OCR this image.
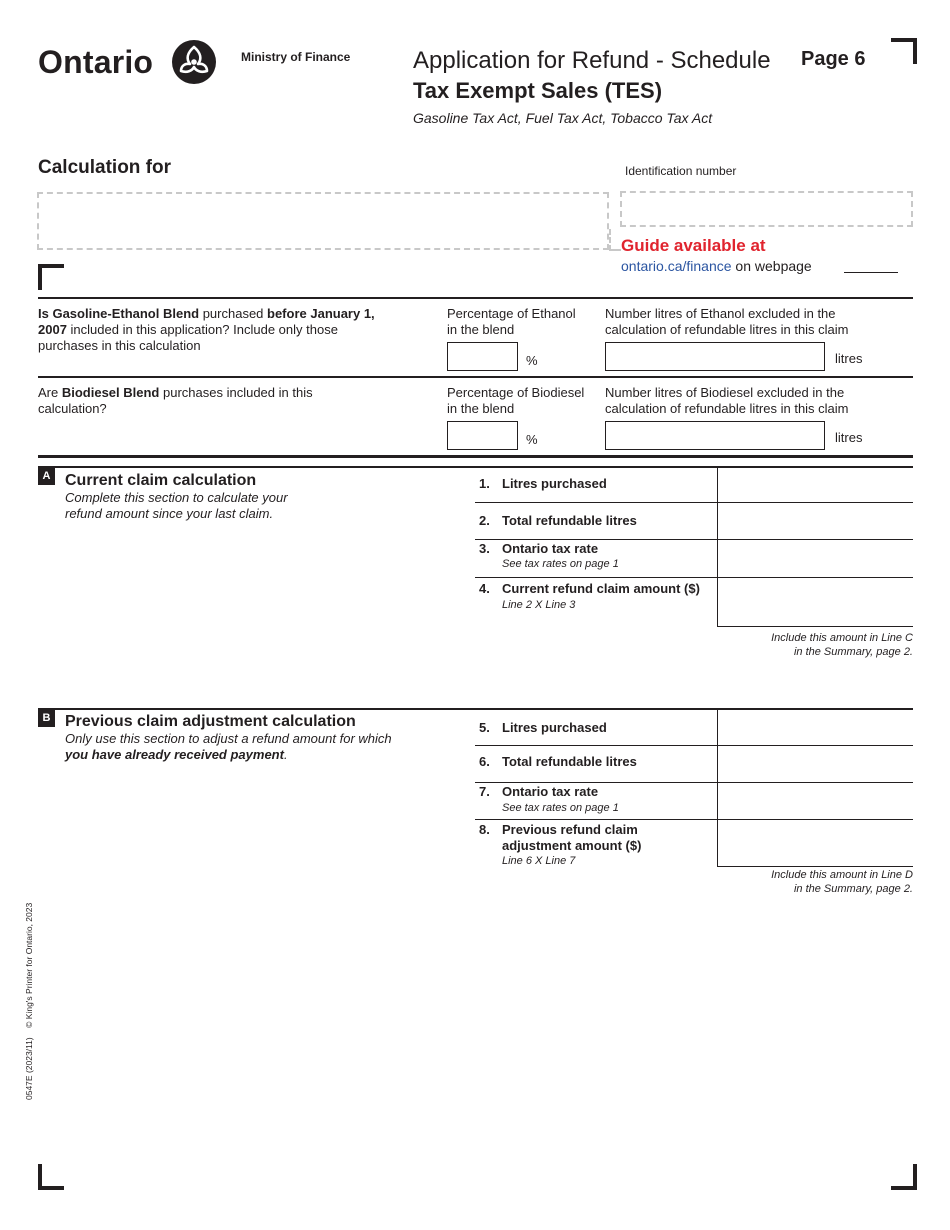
Ontario	Ministry of Finance	Application for Refund - Schedule
Tax Exempt Sales (TES)
Gasoline Tax Act, Fuel Tax Act, Tobacco Tax Act
Page 6
Calculation for	Identification number
Guide available at
ontario.ca/finance on webpage
Is Gasoline-Ethanol Blend purchased before January 1, 2007 included in this application? Include only those purchases in this calculation
Percentage of Ethanol in the blend
%
Number litres of Ethanol excluded in the calculation of refundable litres in this claim
litres
Are Biodiesel Blend purchases included in this calculation?
Percentage of Biodiesel in the blend
%
Number litres of Biodiesel excluded in the calculation of refundable litres in this claim
litres
A Current claim calculation
Complete this section to calculate your refund amount since your last claim.
1. Litres purchased
2. Total refundable litres
3. Ontario tax rate
See tax rates on page 1
4. Current refund claim amount ($)
Line 2 X Line 3
Include this amount in Line C
in the Summary, page 2.
B Previous claim adjustment calculation
Only use this section to adjust a refund amount for which you have already received payment.
5. Litres purchased
6. Total refundable litres
7. Ontario tax rate
See tax rates on page 1
8. Previous refund claim adjustment amount ($)
Line 6 X Line 7
Include this amount in Line D
in the Summary, page 2.
0547E (2023/11)    © King's Printer for Ontario, 2023
